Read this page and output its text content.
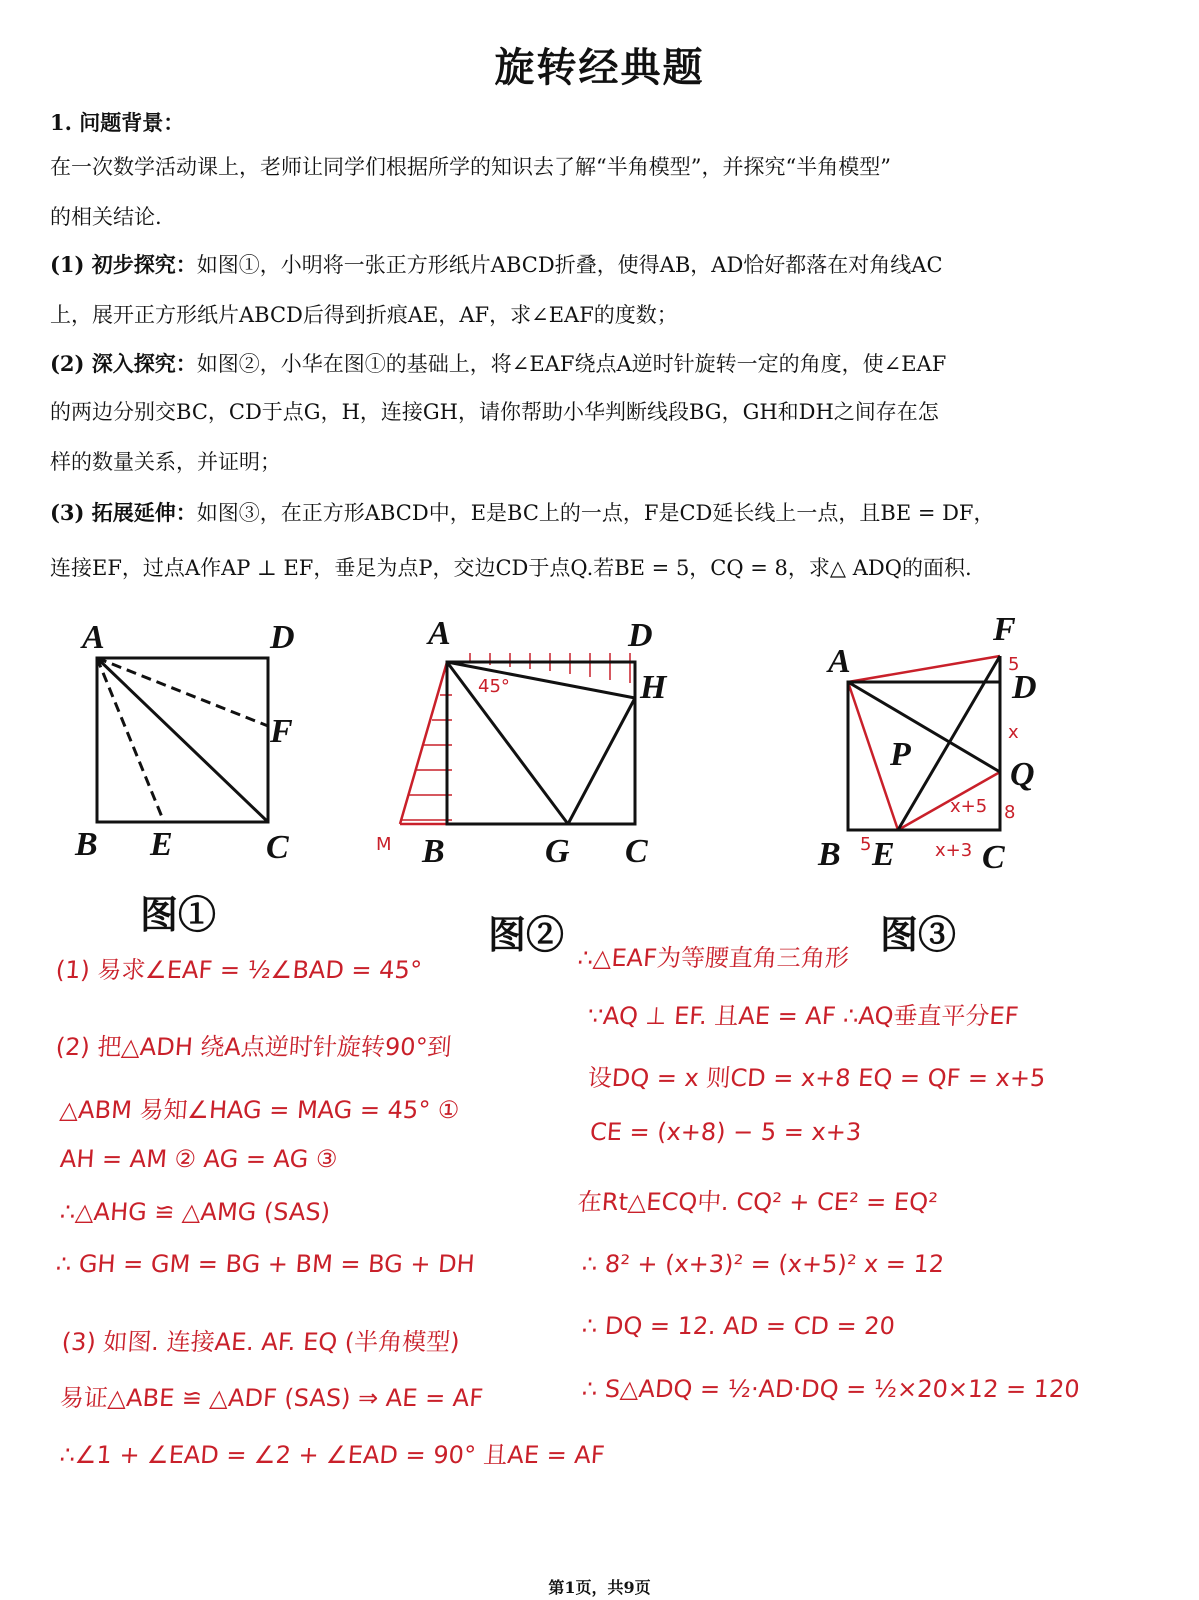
旋转经典题
1. 问题背景：
在一次数学活动课上，老师让同学们根据所学的知识去了解“半角模型”，并探究“半角模型”
的相关结论.
(1) 初步探究：如图①，小明将一张正方形纸片ABCD折叠，使得AB，AD恰好都落在对角线AC
上，展开正方形纸片ABCD后得到折痕AE，AF，求∠EAF的度数；
(2) 深入探究：如图②，小华在图①的基础上，将∠EAF绕点A逆时针旋转一定的角度，使∠EAF
的两边分别交BC，CD于点G，H，连接GH，请你帮助小华判断线段BG，GH和DH之间存在怎
样的数量关系，并证明；
(3) 拓展延伸：如图③，在正方形ABCD中，E是BC上的一点，F是CD延长线上一点，且BE = DF，
连接EF，过点A作AP ⊥ EF，垂足为点P，交边CD于点Q.若BE = 5，CQ = 8，求△ ADQ的面积.
A	D
F
B E	C
A	D
H
B	G C
M
45°
A
F
D
P
Q
B E	C
5
5
x
8
x+5
x+3
图①	图②	图③
(1) 易求∠EAF = ½∠BAD = 45°
(2) 把△ADH 绕A点逆时针旋转90°到
△ABM 易知∠HAG = MAG = 45° ①
AH = AM ② AG = AG ③
∴△AHG ≌ △AMG (SAS)
∴ GH = GM = BG + BM = BG + DH
(3) 如图. 连接AE. AF. EQ (半角模型)
易证△ABE ≌ △ADF (SAS) ⇒ AE = AF
∴∠1 + ∠EAD = ∠2 + ∠EAD = 90° 且AE = AF
∴△EAF为等腰直角三角形
∵AQ ⊥ EF. 且AE = AF ∴AQ垂直平分EF
设DQ = x 则CD = x+8 EQ = QF = x+5
CE = (x+8) − 5 = x+3
在Rt△ECQ中. CQ² + CE² = EQ²
∴ 8² + (x+3)² = (x+5)² x = 12
∴ DQ = 12. AD = CD = 20
∴ S△ADQ = ½·AD·DQ = ½×20×12 = 120
第1页，共9页
